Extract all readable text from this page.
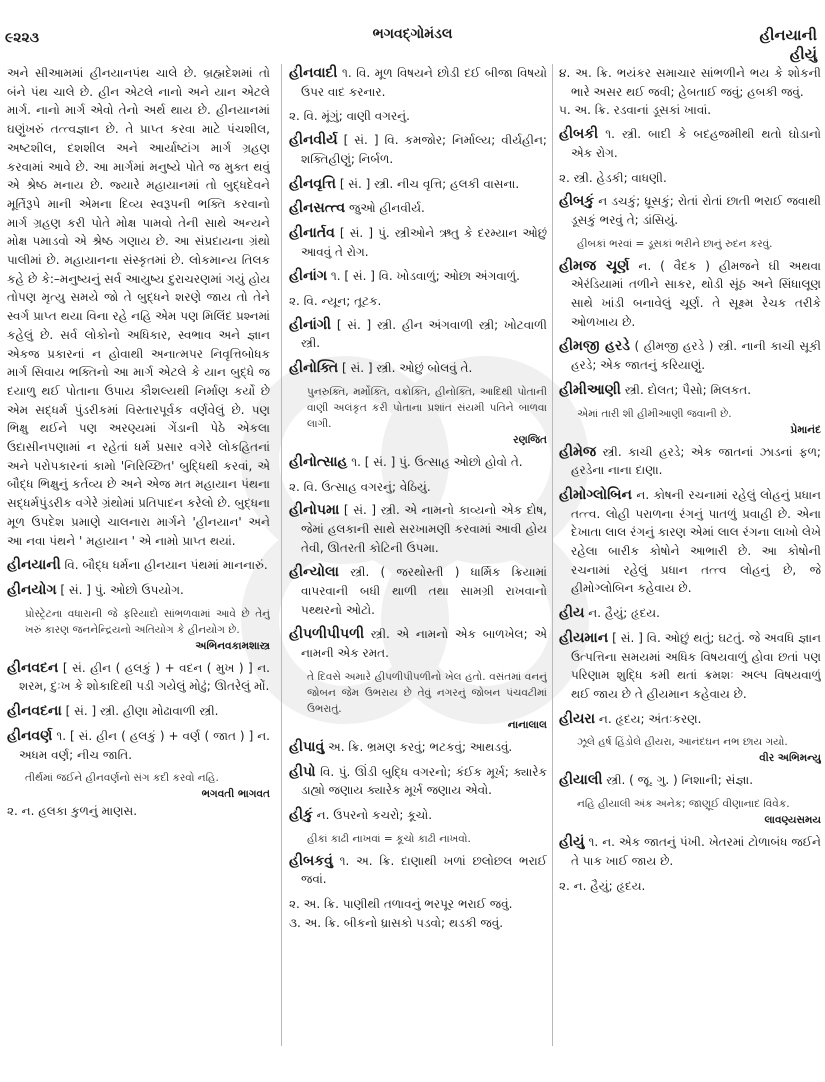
૯૨૨૩	ભગવદ્ગોમંડલ	હીનયાની
હીયું

અને સીઆમમાં હીનયાનપંથ ચાલે છે. બ્રહ્મદેશમાં તો બંને પંથ ચાલે છે. હીન એટલે નાનો અને યાન એટલે માર્ગ. નાનો માર્ગ એવો તેનો અર્થ થાય છે. હીનયાનમાં ઘણુંખરું તત્ત્વજ્ઞાન છે. તે પ્રાપ્ત કરવા માટે પંચશીલ, અષ્ટશીલ, દશશીલ અને આર્યાષ્ટાંગ માર્ગ ગ્રહણ કરવામાં આવે છે. આ માર્ગમાં મનુષ્યે પોતે જ મુક્ત થવું એ શ્રેષ્ઠ મનાય છે. જ્યારે મહાયાનમાં તો બુદ્ધદેવને મૂર્તિરૂપે માની એમના દિવ્ય સ્વરૂપની ભક્તિ કરવાનો માર્ગ ગ્રહણ કરી પોતે મોક્ષ પામવો તેની સાથે અન્યને મોક્ષ પમાડવો એ શ્રેષ્ઠ ગણાય છે. આ સંપ્રદાયના ગ્રંથો પાલીમાં છે. મહાયાનના સંસ્કૃતમાં છે. લોકમાન્ય તિલક કહે છે કે:–મનુષ્યનું સર્વ આયુષ્ય દુરાચરણમાં ગયું હોય તોપણ મૃત્યુ સમયે જો તે બુદ્ધને શરણે જાય તો તેને સ્વર્ગ પ્રાપ્ત થયા વિના રહે નહિ એમ પણ મિલિંદ પ્રશ્નમાં કહેલું છે. સર્વ લોકોનો અધિકાર, સ્વભાવ અને જ્ઞાન એકજ પ્રકારનાં ન હોવાથી અનાત્મપર નિવૃત્તિબોધક માર્ગ સિવાય ભક્તિનો આ માર્ગ એટલે કે યાન બુદ્ધે જ દયાળુ થઈ પોતાના ઉપાય કૌશલ્યથી નિર્માણ કર્યો છે એમ સદ્ધર્મ પુંડરીકમાં વિસ્તારપૂર્વક વર્ણવેલું છે. પણ ભિક્ષુ થઈને પણ અરણ્યમાં ગેંડાની પેઠે એકલા ઉદાસીનપણામાં ન રહેતાં ધર્મ પ્રસાર વગેરે લોકહિતનાં અને પરોપકારનાં કામો 'નિરિચ્છિત' બુદ્ધિથી કરવાં, એ બૌદ્ધ ભિક્ષુનું કર્તવ્ય છે અને એજ મત મહાયાન પંથના સદ્ધર્મપુંડરીક વગેરે ગ્રંથોમાં પ્રતિપાદન કરેલો છે. બુદ્ધના મૂળ ઉપદેશ પ્રમાણે ચાલનારા માર્ગને 'હીનયાન' અને આ નવા પંથને ' મહાયાન ' એ નામો પ્રાપ્ત થયાં.

હીનયાની વિ. બૌદ્ધ ધર્મના હીનયાન પંથમાં માનનારું.

હીનયોગ [ સં. ] પું. ઓછો ઉપયોગ.

પ્રોસ્ટ્રેટના વધારાની જે ફરિયાદો સાંભળવામાં આવે છે તેનું ખરું કારણ જનનેન્દ્રિયનો અતિયોગ કે હીનયોગ છે.
અભિનવકામશાસ્ત્ર

હીનવદન [ સં. હીન ( હલકું ) + વદન ( મુખ ) ] ન. શરમ, દુઃખ કે શોકાદિથી પડી ગયેલું મોઢું; ઊતરેલું મોં.

હીનવદના [ સં. ] સ્ત્રી. હીણા મોઢાવાળી સ્ત્રી.

હીનવર્ણ ૧. [ સં. હીન ( હલકું ) + વર્ણ ( જાત ) ] ન. અધમ વર્ણ; નીચ જાતિ.

તીર્થમાં જઈને હીનવર્ણનો સંગ કદી કરવો નહિ.
ભગવતી ભાગવત

૨. ન. હલકા કુળનું માણસ.

હીનવાદી ૧. વિ. મૂળ વિષયને છોડી દઈ બીજા વિષયો ઉપર વાદ કરનાર.

૨. વિ. મૂંગું; વાણી વગરનું.

હીનવીર્ય [ સં. ] વિ. કમજોર; નિર્માલ્ય; વીર્યહીન; શક્તિહીણું; નિર્બળ.

હીનવૃત્તિ [ સં. ] સ્ત્રી. નીચ વૃત્તિ; હલકી વાસના.

હીનસત્ત્વ જુઓ હીનવીર્ય.

હીનાર્તવ [ સં. ] પું. સ્ત્રીઓને ઋતુ કે દરમ્યાન ઓછું આવવું તે રોગ.

હીનાંગ ૧. [ સં. ] વિ. ખોડવાળું; ઓછા અંગવાળું.

૨. વિ. ન્યૂન; તૂટક.

હીનાંગી [ સં. ] સ્ત્રી. હીન અંગવાળી સ્ત્રી; ખોટવાળી સ્ત્રી.

હીનોક્તિ [ સં. ] સ્ત્રી. ઓછું બોલવું તે.

પુનરુક્તિ, મર્મોક્તિ, વક્રોક્તિ, હીનોક્તિ, આદિથી પોતાની વાણી અલંકૃત કરી પોતાના પ્રશાંત સંયમી પતિને બાળવા લાગી.
રણજિત

હીનોત્સાહ ૧. [ સં. ] પું. ઉત્સાહ ઓછો હોવો તે.

૨. વિ. ઉત્સાહ વગરનું; વેઠિયું.

હીનોપમા [ સં. ] સ્ત્રી. એ નામનો કાવ્યનો એક દોષ, જેમાં હલકાની સાથે સરખામણી કરવામાં આવી હોય તેવી, ઊતરતી કોટિની ઉપમા.

હીન્યોલા સ્ત્રી. ( જરથોસ્તી ) ધાર્મિક ક્રિયામાં વાપરવાની બધી થાળી તથા સામગ્રી રાખવાનો પથ્થરનો ઓટો.

હીપળીપીપળી સ્ત્રી. એ નામનો એક બાળખેલ; એ નામની એક રમત.

તે દિવસે અમારે હીપળીપીપળીનો ખેલ હતો. વસંતમાં વનનું જોબન જેમ ઉભરાય છે તેવું નગરનું જોબન પંચવટીમાં ઉભરાતું.
નાનાલાલ

હીપાવું અ. ક્રિ. ભ્રમણ કરવું; ભટકવું; આથડવું.

હીપો વિ. પું. ઊંડી બુદ્ધિ વગરનો; કંઈક મૂર્ખ; ક્યારેક ડાહ્યો જણાય ક્યારેક મૂર્ખ જણાય એવો.

હીકું ન. ઉપરનો કચરો; કૂચો.

હીકાં કાઢી નાખવાં = કૂચો કાઢી નાખવો.

હીબકવું ૧. અ. ક્રિ. દાણાથી ખળાં છલોછલ ભરાઈ જવાં.

૨. અ. ક્રિ. પાણીથી તળાવનું ભરપૂર ભરાઈ જવું.

૩. અ. ક્રિ. બીકનો ધ્રાસકો પડવો; થડકી જવું.

૪. અ. ક્રિ. ભયંકર સમાચાર સાંભળીને ભય કે શોકની ભારે અસર થઈ જવી; હેબતાઈ જવું; હબકી જવું.

૫. અ. ક્રિ. રડવાનાં ડૂસકાં ખાવાં.

હીબકી ૧. સ્ત્રી. બાદી કે બદહજમીથી થતો ઘોડાનો એક રોગ.

૨. સ્ત્રી. હેડકી; વાધણી.

હીબકું ન ડચકું; ધ્રૂસકું; રોતાં રોતાં છાતી ભરાઈ જવાથી ડૂસકું ભરવું તે; ડાંસિયું.

હીબકાં ભરવાં = ડૂસકાં ભરીને છાનું રુદન કરવું.

હીમજ ચૂર્ણ ન. ( વૈદક ) હીમજને ઘી અથવા એરંડિયામાં તળીને સાકર, થોડી સૂંઠ અને સિંધાલૂણ સાથે ખાંડી બનાવેલું ચૂર્ણ. તે સૂક્ષ્મ રેચક તરીકે ઓળખાય છે.

હીમજી હરડે ( હીમજી હરડે ) સ્ત્રી. નાની કાચી સૂકી હરડે; એક જાતનું કરિયાણું.

હીમીઆણી સ્ત્રી. દોલત; પૈસો; મિલકત.

એમાં તારી શી હીમીઆણી જવાની છે.
પ્રેમાનંદ

હીમેજ સ્ત્રી. કાચી હરડે; એક જાતનાં ઝાડનાં ફળ; હરડેના નાના દાણા.

હીમોગ્લોબિન ન. કોષની રચનામાં રહેલું લોહનું પ્રધાન તત્ત્વ. લોહી પરાળના રંગનું પાતળું પ્રવાહી છે. એના દેખાતા લાલ રંગનું કારણ એમાં લાલ રંગના લાખો લેખે રહેલા બારીક કોષોને આભારી છે. આ કોષોની રચનામાં રહેલું પ્રધાન તત્ત્વ લોહનું છે, જે હીમોગ્લોબિન કહેવાય છે.

હીય ન. હૈયું; હૃદય.

હીયમાન [ સં. ] વિ. ઓછું થતું; ઘટતું. જે અવધિ જ્ઞાન ઉત્પત્તિના સમયમાં અધિક વિષયવાળું હોવા છતાં પણ પરિણામ શુદ્ધિ કમી થતાં ક્રમશઃ અલ્પ વિષયવાળું થઈ જાય છે તે હીયમાન કહેવાય છે.

હીયરા ન. હૃદય; અંતઃકરણ.

ઝૂલે હર્ષ હિંડોલે હીયરા, આનંદઘન નભ છાય ગયો.
વીર અભિમન્યુ

હીયાલી સ્ત્રી. ( જૂ. ગુ. ) નિશાની; સંજ્ઞા.

નહિ હીયાલી અંક અનેક; જાણૂઈ વીણાનાદ વિવેક.
લાવણ્યસમય

હીયું ૧. ન. એક જાતનું પંખી. ખેતરમાં ટોળાબંધ જઈને તે પાક ખાઈ જાય છે.

૨. ન. હૈયું; હૃદય.
